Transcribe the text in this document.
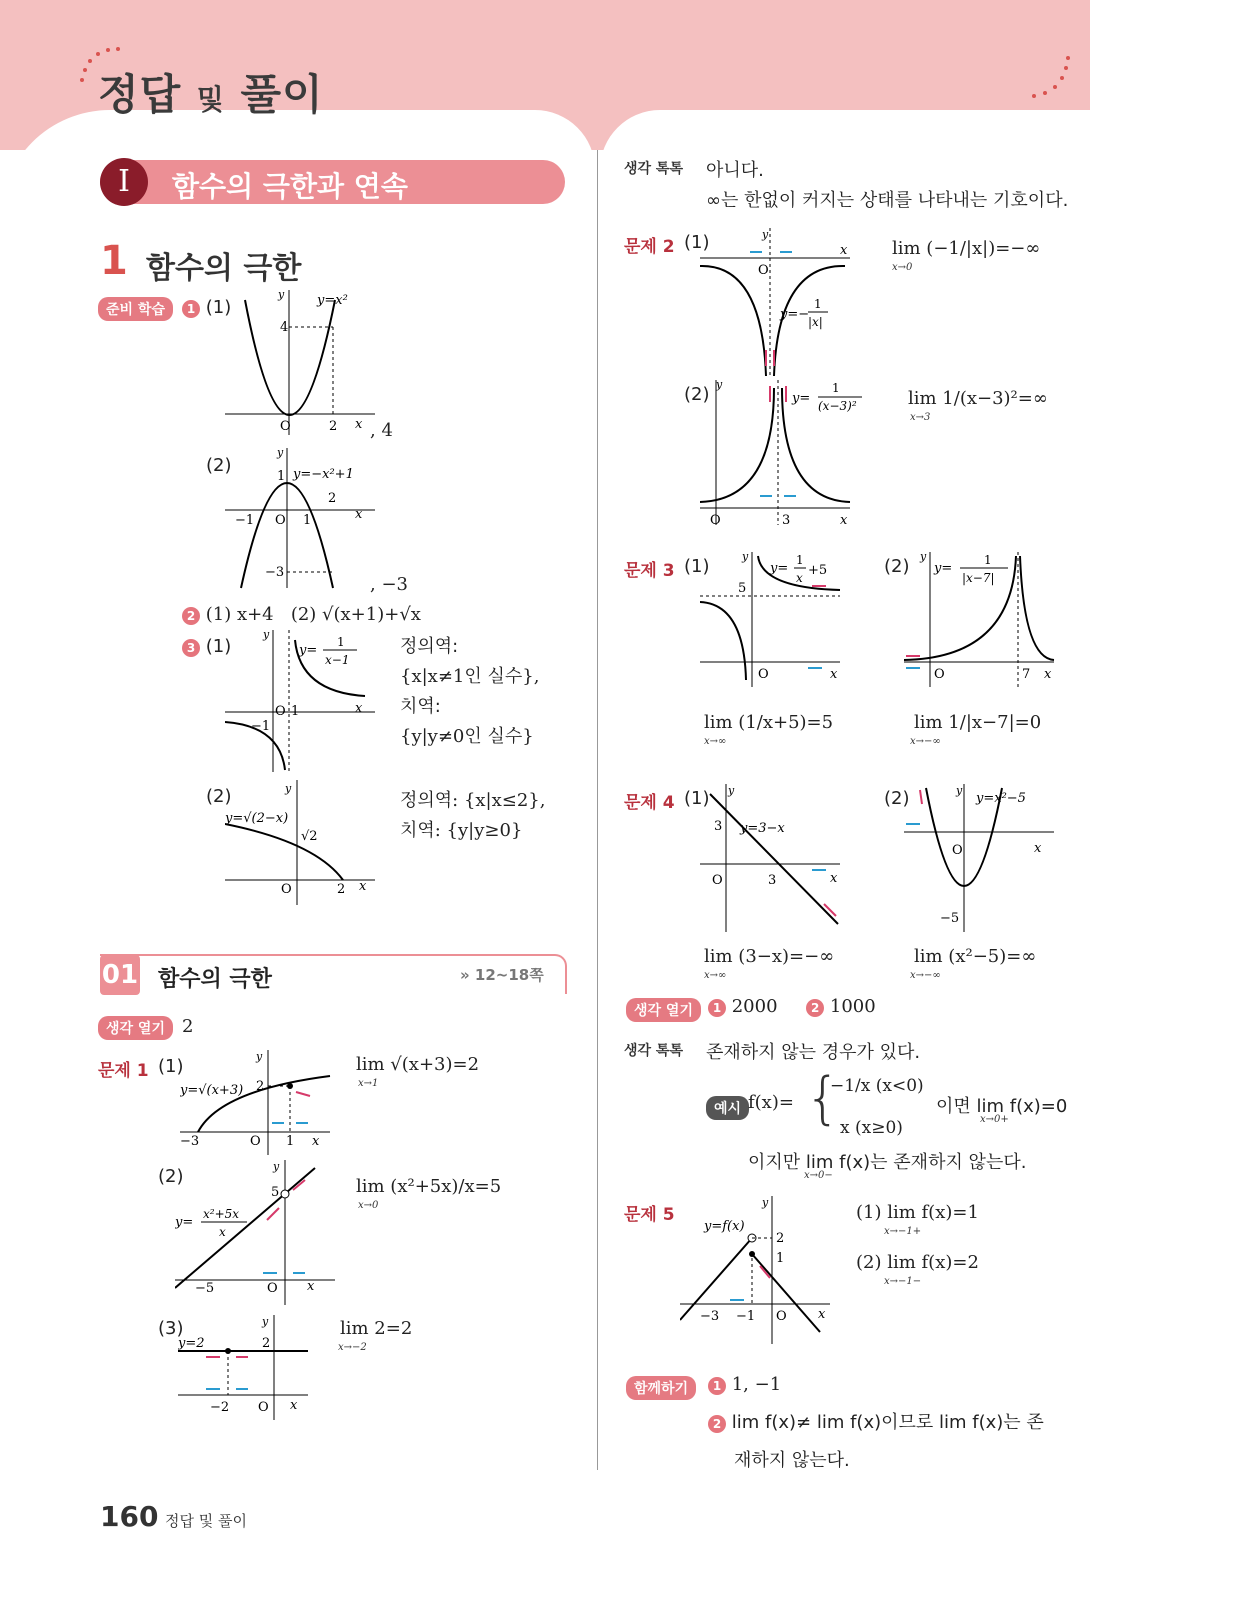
정답 및 풀이
I	함수의 극한과 연속
1 함수의 극한
준비 학습	1 (1)
O	2
4
x
y	y=x²
, 4
(2)
−1 O 1
2
1
−3
x
y
y=−x²+1
, −3
2 (1) x+4 (2) √(x+1)+√x
3 (1)
O 1
−1
x
y
y=
1
x−1
정의역:
{x|x≠1인 실수},
치역:
{y|y≠0인 실수}
(2)
O	2
√2
x
y
y=√(2−x)
정의역: {x|x≤2},
치역: {y|y≥0}
01 함수의 극한	» 12~18쪽
생각 열기 2
문제 1 (1)
−3	O 1 x
2
y
y=√(x+3)
lim √(x+3)=2
x→1
(2)
−5	O x
5
y
y=
x²+5x
x
lim (x²+5x)/x=5
x→0
(3)
−2 O x
2
y
y=2
lim 2=2
x→−2
생각 톡톡 아니다.
∞는 한없이 커지는 상태를 나타내는 기호이다.
문제 2 (1)
O
x
y
y=−
1
|x|
lim (−1/|x|)=−∞
x→0
(2)
O	3	x
y
y=
1
(x−3)²	lim 1/(x−3)²=∞
x→3
문제 3 (1)
O	x
5
y
y=
1
x +5
lim (1/x+5)=5
x→∞
(2)
O	7 x
y
y=
1
|x−7|
lim 1/|x−7|=0
x→−∞
문제 4 (1)
O	3
3
x
y
y=3−x
lim (3−x)=−∞
x→∞
(2)
O	x
−5
y
y=x²−5
lim (x²−5)=∞
x→−∞
생각 열기	1 2000	2 1000
생각 톡톡 존재하지 않는 경우가 있다.
예시 f(x)= {
−1/x (x<0)
x (x≥0)
이면 lim f(x)=0
x→0+
이지만 lim f(x)는 존재하지 않는다.
x→0−
문제 5
−3 −1 O x
2
1
y
y=f(x)
(1) lim f(x)=1
x→−1+
(2) lim f(x)=2
x→−1−
함께하기	1 1, −1
2 lim f(x)≠ lim f(x)이므로 lim f(x)는 존
재하지 않는다.
160 정답 및 풀이
